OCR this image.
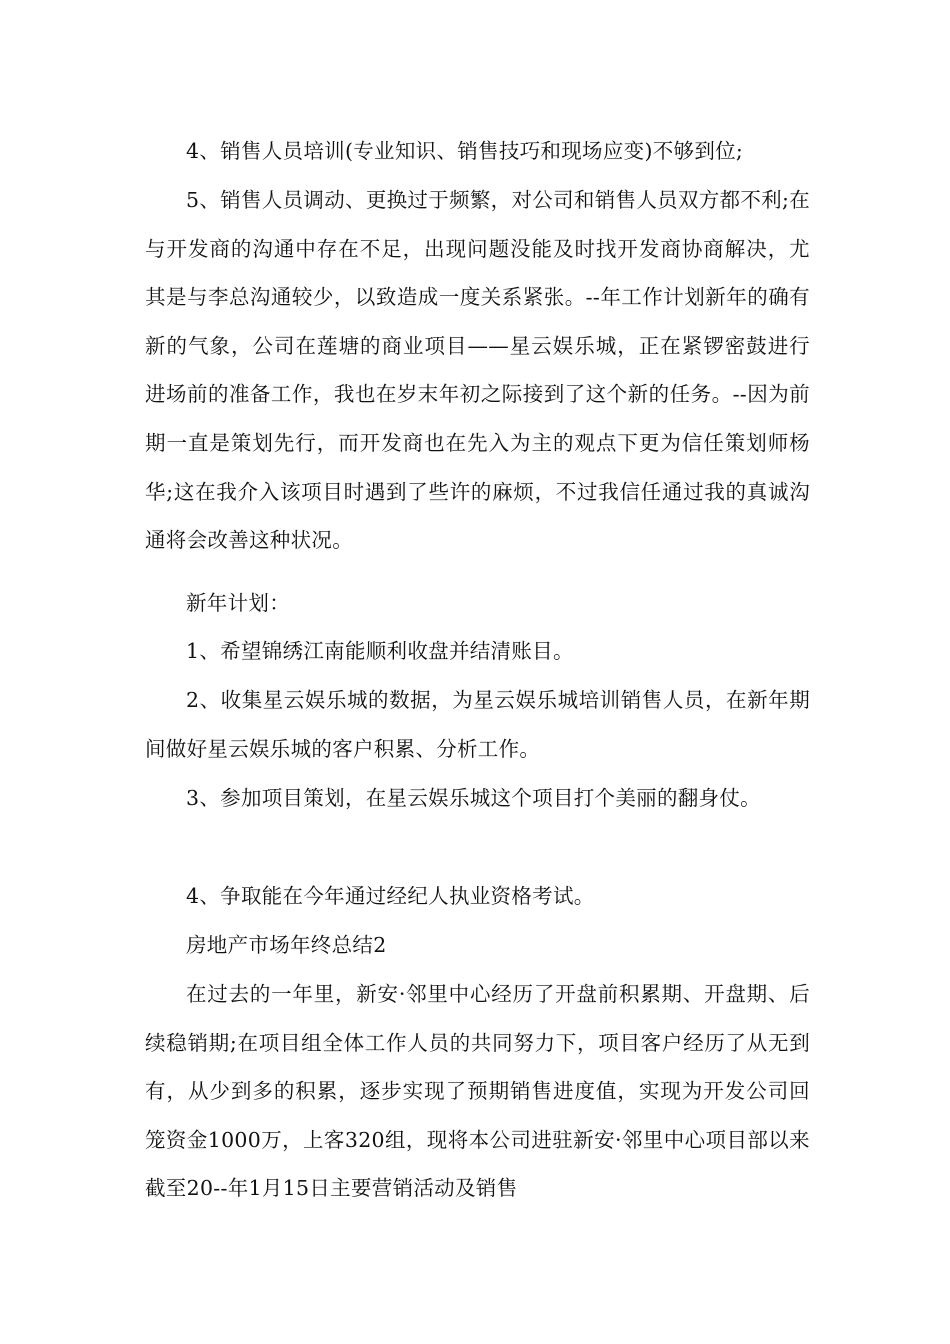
4、销售人员培训(专业知识、销售技巧和现场应变)不够到位;

5、销售人员调动、更换过于频繁，对公司和销售人员双方都不利;在与开发商的沟通中存在不足，出现问题没能及时找开发商协商解决，尤其是与李总沟通较少，以致造成一度关系紧张。--年工作计划新年的确有新的气象，公司在莲塘的商业项目——星云娱乐城，正在紧锣密鼓进行进场前的准备工作，我也在岁末年初之际接到了这个新的任务。--因为前期一直是策划先行，而开发商也在先入为主的观点下更为信任策划师杨华;这在我介入该项目时遇到了些许的麻烦，不过我信任通过我的真诚沟通将会改善这种状况。

新年计划：

1、希望锦绣江南能顺利收盘并结清账目。

2、收集星云娱乐城的数据，为星云娱乐城培训销售人员，在新年期间做好星云娱乐城的客户积累、分析工作。

3、参加项目策划，在星云娱乐城这个项目打个美丽的翻身仗。

4、争取能在今年通过经纪人执业资格考试。

房地产市场年终总结2

在过去的一年里，新安·邻里中心经历了开盘前积累期、开盘期、后续稳销期;在项目组全体工作人员的共同努力下，项目客户经历了从无到有，从少到多的积累，逐步实现了预期销售进度值，实现为开发公司回笼资金1000万，上客320组，现将本公司进驻新安·邻里中心项目部以来截至20--年1月15日主要营销活动及销售
